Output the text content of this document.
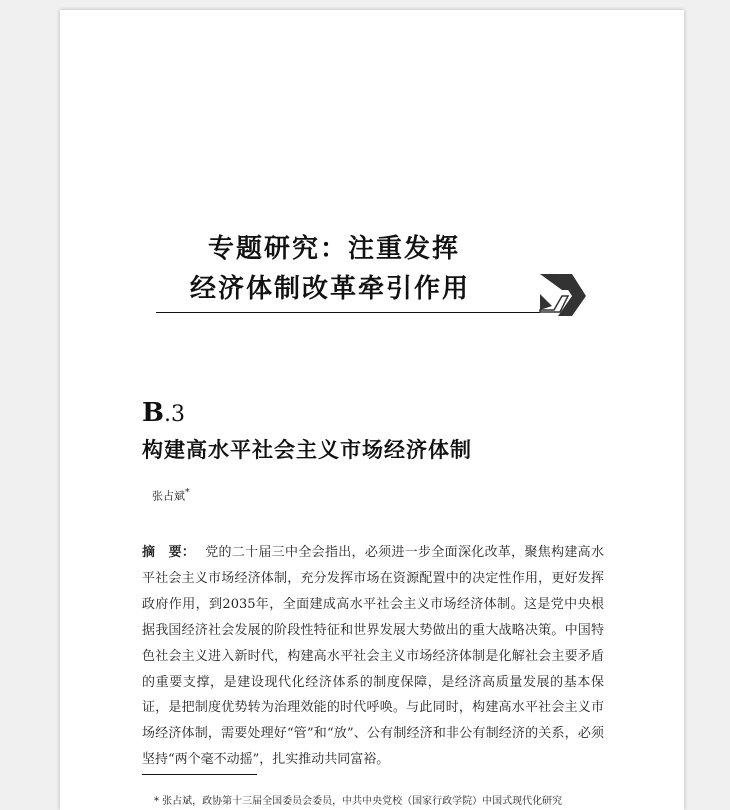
专题研究：注重发挥
经济体制改革牵引作用
B.3
构建高水平社会主义市场经济体制
张占斌*
摘　要： 党的二十届三中全会指出，必须进一步全面深化改革，聚焦构建高水平社会主义市场经济体制，充分发挥市场在资源配置中的决定性作用，更好发挥政府作用，到2035年，全面建成高水平社会主义市场经济体制。这是党中央根据我国经济社会发展的阶段性特征和世界发展大势做出的重大战略决策。中国特色社会主义进入新时代，构建高水平社会主义市场经济体制是化解社会主要矛盾的重要支撑，是建设现代化经济体系的制度保障，是经济高质量发展的基本保证，是把制度优势转为治理效能的时代呼唤。与此同时，构建高水平社会主义市场经济体制，需要处理好“管”和“放”、公有制经济和非公有制经济的关系，必须坚持“两个毫不动摇”，扎实推动共同富裕。
* 张占斌，政协第十三届全国委员会委员，中共中央党校（国家行政学院）中国式现代化研究
